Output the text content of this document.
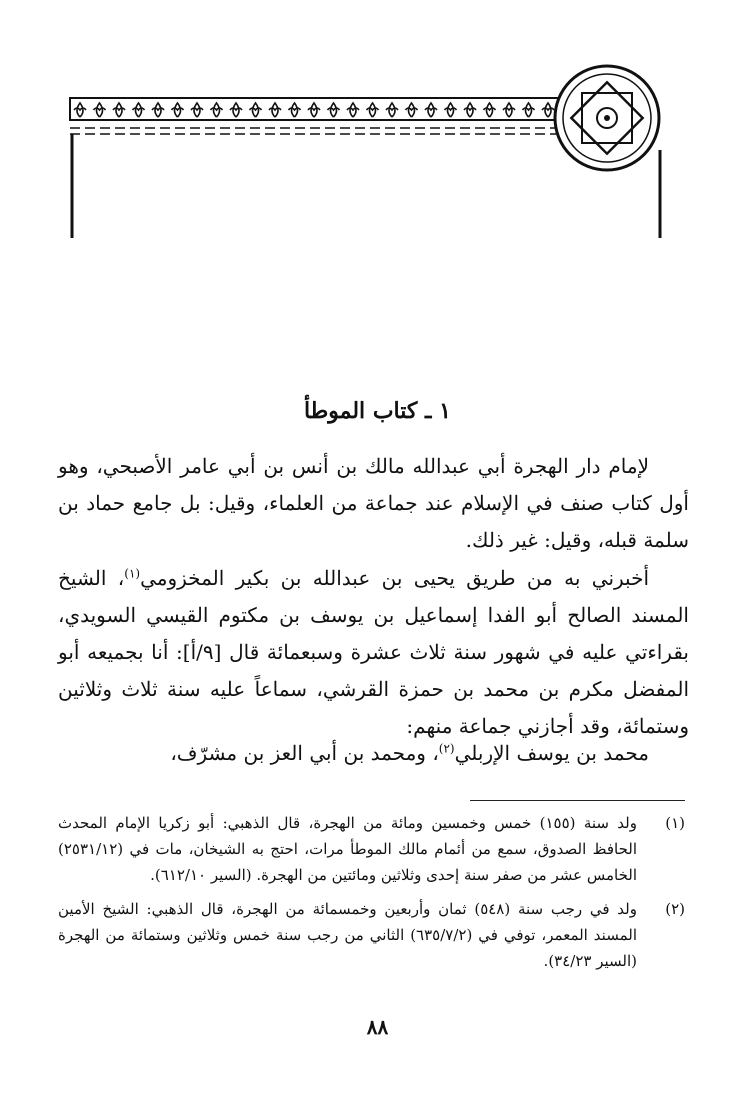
١ ـ كتاب الموطأ

لإمام دار الهجرة أبي عبدالله مالك بن أنس بن أبي عامر الأصبحي، وهو أول كتاب صنف في الإسلام عند جماعة من العلماء، وقيل: بل جامع حماد بن سلمة قبله، وقيل: غير ذلك.

أخبرني به من طريق يحيى بن عبدالله بن بكير المخزومي$^{(١)}$، الشيخ المسند الصالح أبو الفدا إسماعيل بن يوسف بن مكتوم القيسي السويدي، بقراءتي عليه في شهور سنة ثلاث عشرة وسبعمائة قال [٩/أ]: أنا بجميعه أبو المفضل مكرم بن محمد بن حمزة القرشي، سماعاً عليه سنة ثلاث وثلاثين وستمائة، وقد أجازني جماعة منهم:

محمد بن يوسف الإربلي$^{(٢)}$، ومحمد بن أبي العز بن مشرّف،

(١)
ولد سنة (١٥٥) خمس وخمسين ومائة من الهجرة، قال الذهبي: أبو زكريا الإمام المحدث الحافظ الصدوق، سمع من أئمام مالك الموطأ مرات، احتج به الشيخان، مات في (٢٥٣١/١٢) الخامس عشر من صفر سنة إحدى وثلاثين ومائتين من الهجرة. (السير ٦١٢/١٠).
(٢)
ولد في رجب سنة (٥٤٨) ثمان وأربعين وخمسمائة من الهجرة، قال الذهبي: الشيخ الأمين المسند المعمر، توفي في (٦٣٥/٧/٢) الثاني من رجب سنة خمس وثلاثين وستمائة من الهجرة (السير ٣٤/٢٣).
٨٨
